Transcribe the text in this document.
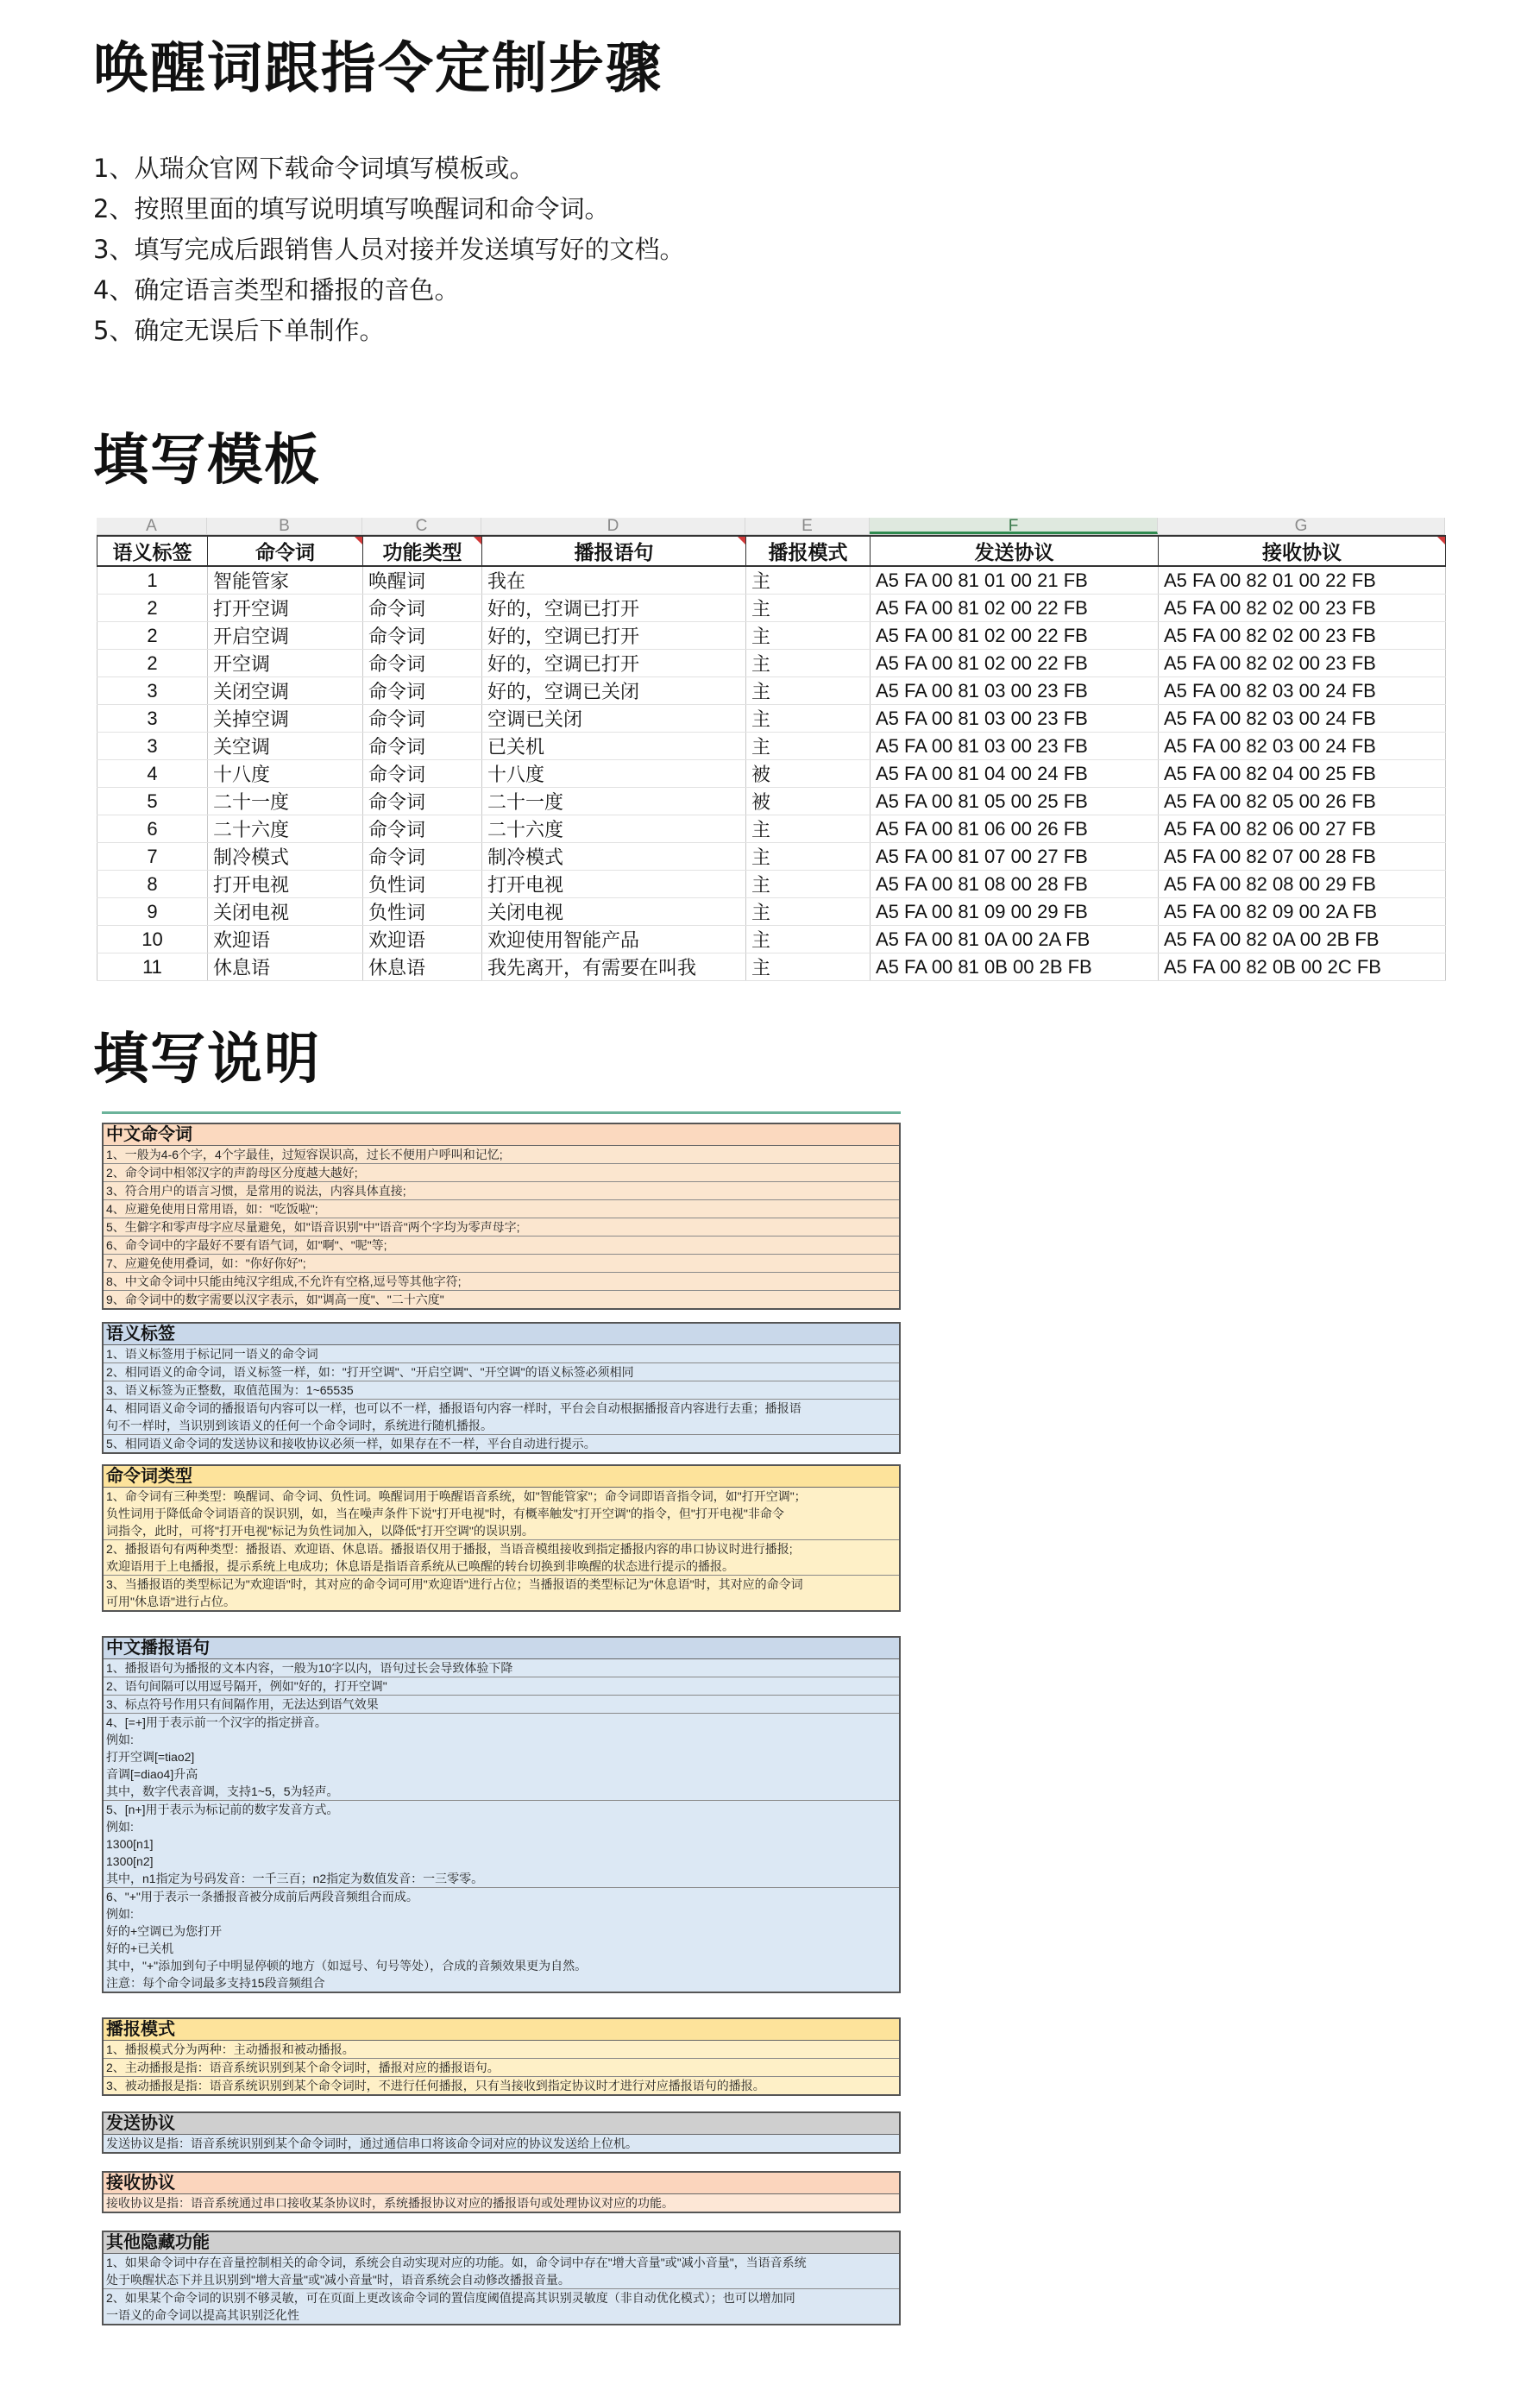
唤醒词跟指令定制步骤
1、从瑞众官网下载命令词填写模板或。
2、按照里面的填写说明填写唤醒词和命令词。
3、填写完成后跟销售人员对接并发送填写好的文档。
4、确定语言类型和播报的音色。
5、确定无误后下单制作。
填写模板
A	B	C	D	E	F	G
语义标签	命令词	功能类型	播报语句	播报模式	发送协议	接收协议

1	智能管家	唤醒词	我在	主	A5 FA 00 81 01 00 21 FB	A5 FA 00 82 01 00 22 FB
2	打开空调	命令词	好的，空调已打开	主	A5 FA 00 81 02 00 22 FB	A5 FA 00 82 02 00 23 FB
2	开启空调	命令词	好的，空调已打开	主	A5 FA 00 81 02 00 22 FB	A5 FA 00 82 02 00 23 FB
2	开空调	命令词	好的，空调已打开	主	A5 FA 00 81 02 00 22 FB	A5 FA 00 82 02 00 23 FB
3	关闭空调	命令词	好的，空调已关闭	主	A5 FA 00 81 03 00 23 FB	A5 FA 00 82 03 00 24 FB
3	关掉空调	命令词	空调已关闭	主	A5 FA 00 81 03 00 23 FB	A5 FA 00 82 03 00 24 FB
3	关空调	命令词	已关机	主	A5 FA 00 81 03 00 23 FB	A5 FA 00 82 03 00 24 FB
4	十八度	命令词	十八度	被	A5 FA 00 81 04 00 24 FB	A5 FA 00 82 04 00 25 FB
5	二十一度	命令词	二十一度	被	A5 FA 00 81 05 00 25 FB	A5 FA 00 82 05 00 26 FB
6	二十六度	命令词	二十六度	主	A5 FA 00 81 06 00 26 FB	A5 FA 00 82 06 00 27 FB
7	制冷模式	命令词	制冷模式	主	A5 FA 00 81 07 00 27 FB	A5 FA 00 82 07 00 28 FB
8	打开电视	负性词	打开电视	主	A5 FA 00 81 08 00 28 FB	A5 FA 00 82 08 00 29 FB
9	关闭电视	负性词	关闭电视	主	A5 FA 00 81 09 00 29 FB	A5 FA 00 82 09 00 2A FB
10	欢迎语	欢迎语	欢迎使用智能产品	主	A5 FA 00 81 0A 00 2A FB	A5 FA 00 82 0A 00 2B FB
11	休息语	休息语	我先离开，有需要在叫我	主	A5 FA 00 81 0B 00 2B FB	A5 FA 00 82 0B 00 2C FB
填写说明
中文命令词
1、一般为4-6个字，4个字最佳，过短容误识高，过长不便用户呼叫和记忆;
2、命令词中相邻汉字的声韵母区分度越大越好;
3、符合用户的语言习惯，是常用的说法，内容具体直接;
4、应避免使用日常用语，如："吃饭啦";
5、生僻字和零声母字应尽量避免，如"语音识别"中"语音"两个字均为零声母字;
6、命令词中的字最好不要有语气词，如"啊"、"呢"等;
7、应避免使用叠词，如："你好你好";
8、中文命令词中只能由纯汉字组成,不允许有空格,逗号等其他字符;
9、命令词中的数字需要以汉字表示，如"调高一度"、"二十六度"
语义标签
1、语义标签用于标记同一语义的命令词
2、相同语义的命令词，语义标签一样，如："打开空调"、"开启空调"、"开空调"的语义标签必须相同
3、语义标签为正整数，取值范围为：1~65535
4、相同语义命令词的播报语句内容可以一样，也可以不一样，播报语句内容一样时，平台会自动根据播报音内容进行去重；播报语
句不一样时，当识别到该语义的任何一个命令词时，系统进行随机播报。
5、相同语义命令词的发送协议和接收协议必须一样，如果存在不一样，平台自动进行提示。
命令词类型
1、命令词有三种类型：唤醒词、命令词、负性词。唤醒词用于唤醒语音系统，如"智能管家"；命令词即语音指令词，如"打开空调"；
负性词用于降低命令词语音的误识别，如，当在噪声条件下说"打开电视"时，有概率触发"打开空调"的指令，但"打开电视"非命令
词指令，此时，可将"打开电视"标记为负性词加入，以降低"打开空调"的误识别。
2、播报语句有两种类型：播报语、欢迎语、休息语。播报语仅用于播报，当语音模组接收到指定播报内容的串口协议时进行播报;
欢迎语用于上电播报，提示系统上电成功；休息语是指语音系统从已唤醒的转台切换到非唤醒的状态进行提示的播报。
3、当播报语的类型标记为"欢迎语"时，其对应的命令词可用"欢迎语"进行占位；当播报语的类型标记为"休息语"时，其对应的命令词
可用"休息语"进行占位。
中文播报语句
1、播报语句为播报的文本内容，一般为10字以内，语句过长会导致体验下降
2、语句间隔可以用逗号隔开，例如"好的，打开空调"
3、标点符号作用只有间隔作用，无法达到语气效果
4、[=+]用于表示前一个汉字的指定拼音。
例如:
打开空调[=tiao2]
音调[=diao4]升高
其中，数字代表音调，支持1~5，5为轻声。
5、[n+]用于表示为标记前的数字发音方式。
例如:
1300[n1]
1300[n2]
其中，n1指定为号码发音：一千三百；n2指定为数值发音：一三零零。
6、"+"用于表示一条播报音被分成前后两段音频组合而成。
例如:
好的+空调已为您打开
好的+已关机
其中，"+"添加到句子中明显停顿的地方（如逗号、句号等处），合成的音频效果更为自然。
注意：每个命令词最多支持15段音频组合
播报模式
1、播报模式分为两种：主动播报和被动播报。
2、主动播报是指：语音系统识别到某个命令词时，播报对应的播报语句。
3、被动播报是指：语音系统识别到某个命令词时，不进行任何播报，只有当接收到指定协议时才进行对应播报语句的播报。
发送协议
发送协议是指：语音系统识别到某个命令词时，通过通信串口将该命令词对应的协议发送给上位机。
接收协议
接收协议是指：语音系统通过串口接收某条协议时，系统播报协议对应的播报语句或处理协议对应的功能。
其他隐藏功能
1、如果命令词中存在音量控制相关的命令词，系统会自动实现对应的功能。如，命令词中存在"增大音量"或"减小音量"，当语音系统
处于唤醒状态下并且识别到"增大音量"或"减小音量"时，语音系统会自动修改播报音量。
2、如果某个命令词的识别不够灵敏，可在页面上更改该命令词的置信度阈值提高其识别灵敏度（非自动优化模式）；也可以增加同
一语义的命令词以提高其识别泛化性
